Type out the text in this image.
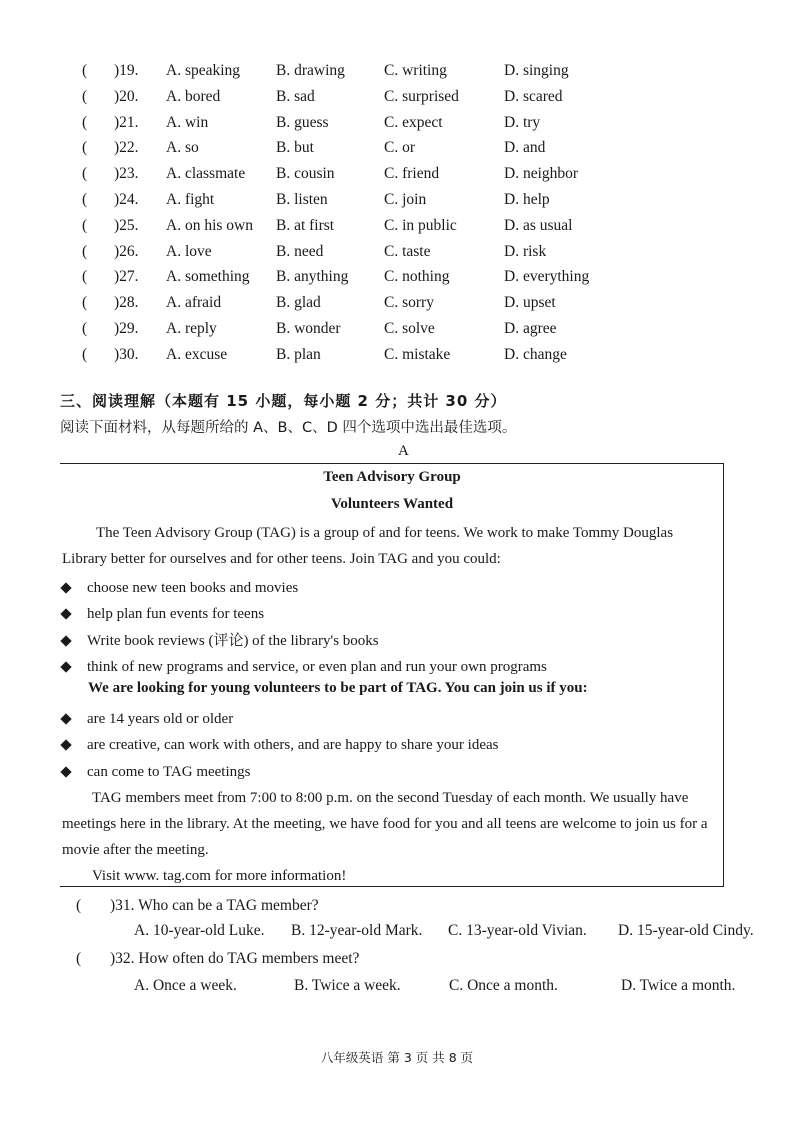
( )19. A. speaking B. drawing	C. writing	D. singing
( )20. A. bored	B. sad	C. surprised	D. scared
( )21. A. win	B. guess	C. expect	D. try
( )22. A. so	B. but	C. or	D. and
( )23. A. classmate B. cousin	C. friend	D. neighbor
( )24. A. fight	B. listen	C. join	D. help
( )25. A. on his own B. at first	C. in public	D. as usual
( )26. A. love	B. need	C. taste	D. risk
( )27. A. something B. anything C. nothing	D. everything
( )28. A. afraid	B. glad	C. sorry	D. upset
( )29. A. reply	B. wonder	C. solve	D. agree
( )30. A. excuse	B. plan	C. mistake	D. change
三、阅读理解（本题有 15 小题，每小题 2 分；共计 30 分）
阅读下面材料，从每题所给的 A、B、C、D 四个选项中选出最佳选项。
A
Teen Advisory Group
Volunteers Wanted
The Teen Advisory Group (TAG) is a group of and for teens. We work to make Tommy Douglas Library better for ourselves and for other teens. Join TAG and you could:
choose new teen books and movies
help plan fun events for teens
Write book reviews (评论) of the library's books
think of new programs and service, or even plan and run your own programs
We are looking for young volunteers to be part of TAG. You can join us if you:
are 14 years old or older
are creative, can work with others, and are happy to share your ideas
can come to TAG meetings
TAG members meet from 7:00 to 8:00 p.m. on the second Tuesday of each month. We usually have meetings here in the library. At the meeting, we have food for you and all teens are welcome to join us for a movie after the meeting.
Visit www. tag.com for more information!
( )31. Who can be a TAG member?
A. 10-year-old Luke. B. 12-year-old Mark. C. 13-year-old Vivian. D. 15-year-old Cindy.
( )32. How often do TAG members meet?
A. Once a week.	B. Twice a week.	C. Once a month.	D. Twice a month.
八年级英语 第 3 页 共 8 页
